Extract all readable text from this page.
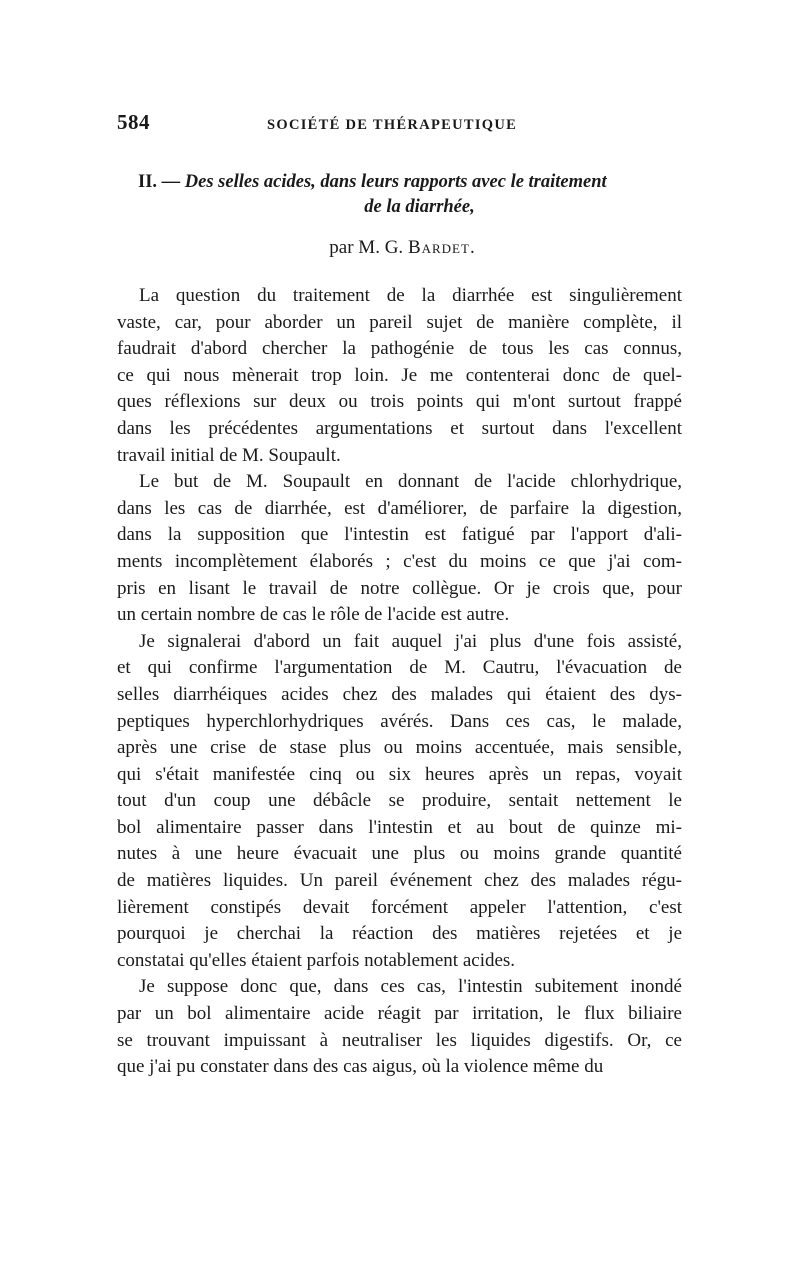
584	SOCIÉTÉ DE THÉRAPEUTIQUE

II. — Des selles acides, dans leurs rapports avec le traitement

de la diarrhée,

par M. G. Bardet.

La question du traitement de la diarrhée est singulièrement
vaste, car, pour aborder un pareil sujet de manière complète, il
faudrait d'abord chercher la pathogénie de tous les cas connus,
ce qui nous mènerait trop loin. Je me contenterai donc de quel-
ques réflexions sur deux ou trois points qui m'ont surtout frappé
dans les précédentes argumentations et surtout dans l'excellent
travail initial de M. Soupault.

Le but de M. Soupault en donnant de l'acide chlorhydrique,
dans les cas de diarrhée, est d'améliorer, de parfaire la digestion,
dans la supposition que l'intestin est fatigué par l'apport d'ali-
ments incomplètement élaborés ; c'est du moins ce que j'ai com-
pris en lisant le travail de notre collègue. Or je crois que, pour
un certain nombre de cas le rôle de l'acide est autre.

Je signalerai d'abord un fait auquel j'ai plus d'une fois assisté,
et qui confirme l'argumentation de M. Cautru, l'évacuation de
selles diarrhéiques acides chez des malades qui étaient des dys-
peptiques hyperchlorhydriques avérés. Dans ces cas, le malade,
après une crise de stase plus ou moins accentuée, mais sensible,
qui s'était manifestée cinq ou six heures après un repas, voyait
tout d'un coup une débâcle se produire, sentait nettement le
bol alimentaire passer dans l'intestin et au bout de quinze mi-
nutes à une heure évacuait une plus ou moins grande quantité
de matières liquides. Un pareil événement chez des malades régu-
lièrement constipés devait forcément appeler l'attention, c'est
pourquoi je cherchai la réaction des matières rejetées et je
constatai qu'elles étaient parfois notablement acides.

Je suppose donc que, dans ces cas, l'intestin subitement inondé
par un bol alimentaire acide réagit par irritation, le flux biliaire
se trouvant impuissant à neutraliser les liquides digestifs. Or, ce
que j'ai pu constater dans des cas aigus, où la violence même du
